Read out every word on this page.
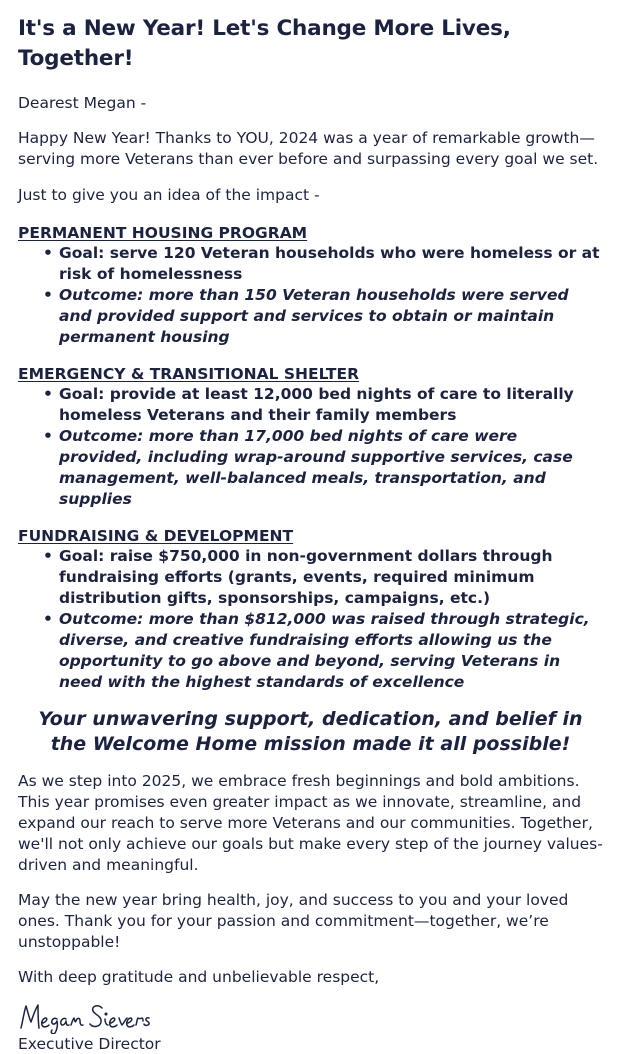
It's a New Year! Let's Change More Lives, Together!

Dearest Megan -

Happy New Year! Thanks to YOU, 2024 was a year of remarkable growth—serving more Veterans than ever before and surpassing every goal we set.

Just to give you an idea of the impact -

PERMANENT HOUSING PROGRAM

• Goal: serve 120 Veteran households who were homeless or at risk of homelessness
• Outcome: more than 150 Veteran households were served and provided support and services to obtain or maintain permanent housing

EMERGENCY & TRANSITIONAL SHELTER

• Goal: provide at least 12,000 bed nights of care to literally homeless Veterans and their family members
• Outcome: more than 17,000 bed nights of care were provided, including wrap-around supportive services, case management, well-balanced meals, transportation, and supplies

FUNDRAISING & DEVELOPMENT

• Goal: raise $750,000 in non-government dollars through fundraising efforts (grants, events, required minimum distribution gifts, sponsorships, campaigns, etc.)
• Outcome: more than $812,000 was raised through strategic, diverse, and creative fundraising efforts allowing us the opportunity to go above and beyond, serving Veterans in need with the highest standards of excellence

Your unwavering support, dedication, and belief in the Welcome Home mission made it all possible!

As we step into 2025, we embrace fresh beginnings and bold ambitions. This year promises even greater impact as we innovate, streamline, and expand our reach to serve more Veterans and our communities. Together, we'll not only achieve our goals but make every step of the journey values-driven and meaningful.

May the new year bring health, joy, and success to you and your loved ones. Thank you for your passion and commitment—together, we’re unstoppable!

With deep gratitude and unbelievable respect,

Executive Director
